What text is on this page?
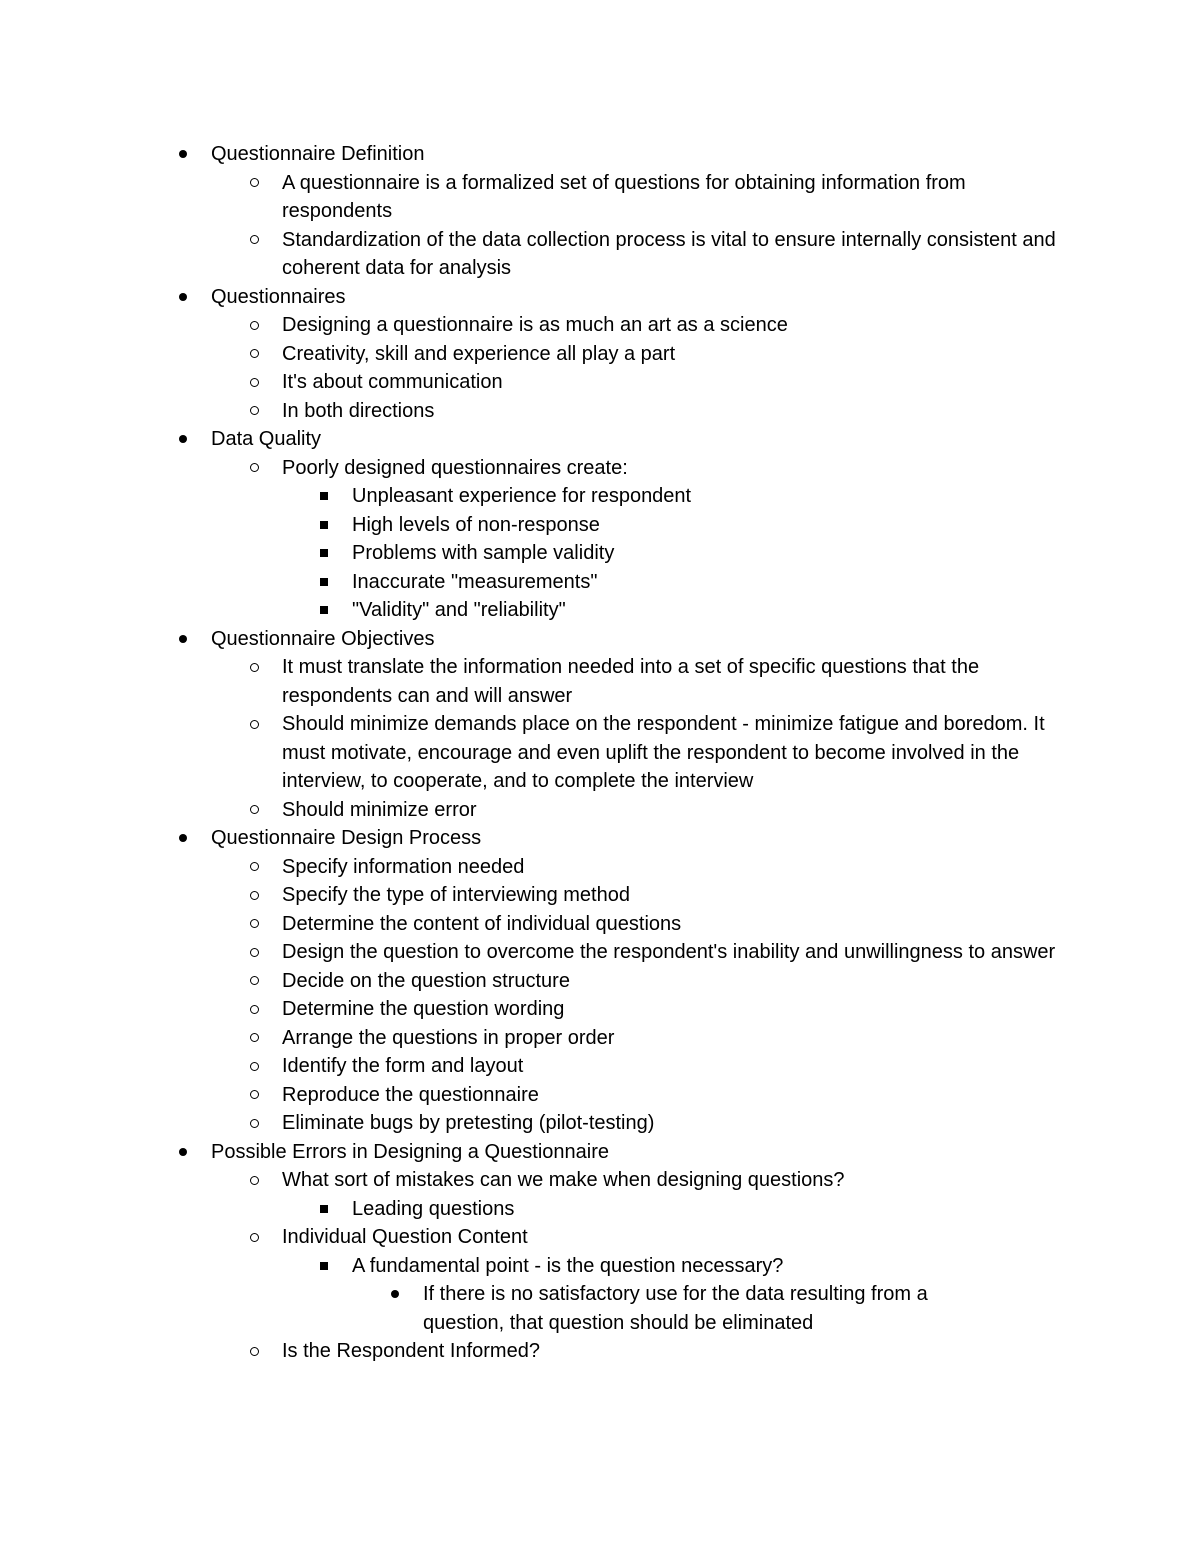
Questionnaire Definition
A questionnaire is a formalized set of questions for obtaining information from respondents
Standardization of the data collection process is vital to ensure internally consistent and coherent data for analysis
Questionnaires
Designing a questionnaire is as much an art as a science
Creativity, skill and experience all play a part
It's about communication
In both directions
Data Quality
Poorly designed questionnaires create:
Unpleasant experience for respondent
High levels of non-response
Problems with sample validity
Inaccurate "measurements"
"Validity" and "reliability"
Questionnaire Objectives
It must translate the information needed into a set of specific questions that the respondents can and will answer
Should minimize demands place on the respondent - minimize fatigue and boredom. It must motivate, encourage and even uplift the respondent to become involved in the interview, to cooperate, and to complete the interview
Should minimize error
Questionnaire Design Process
Specify information needed
Specify the type of interviewing method
Determine the content of individual questions
Design the question to overcome the respondent's inability and unwillingness to answer
Decide on the question structure
Determine the question wording
Arrange the questions in proper order
Identify the form and layout
Reproduce the questionnaire
Eliminate bugs by pretesting (pilot-testing)
Possible Errors in Designing a Questionnaire
What sort of mistakes can we make when designing questions?
Leading questions
Individual Question Content
A fundamental point - is the question necessary?
If there is no satisfactory use for the data resulting from a question, that question should be eliminated
Is the Respondent Informed?
